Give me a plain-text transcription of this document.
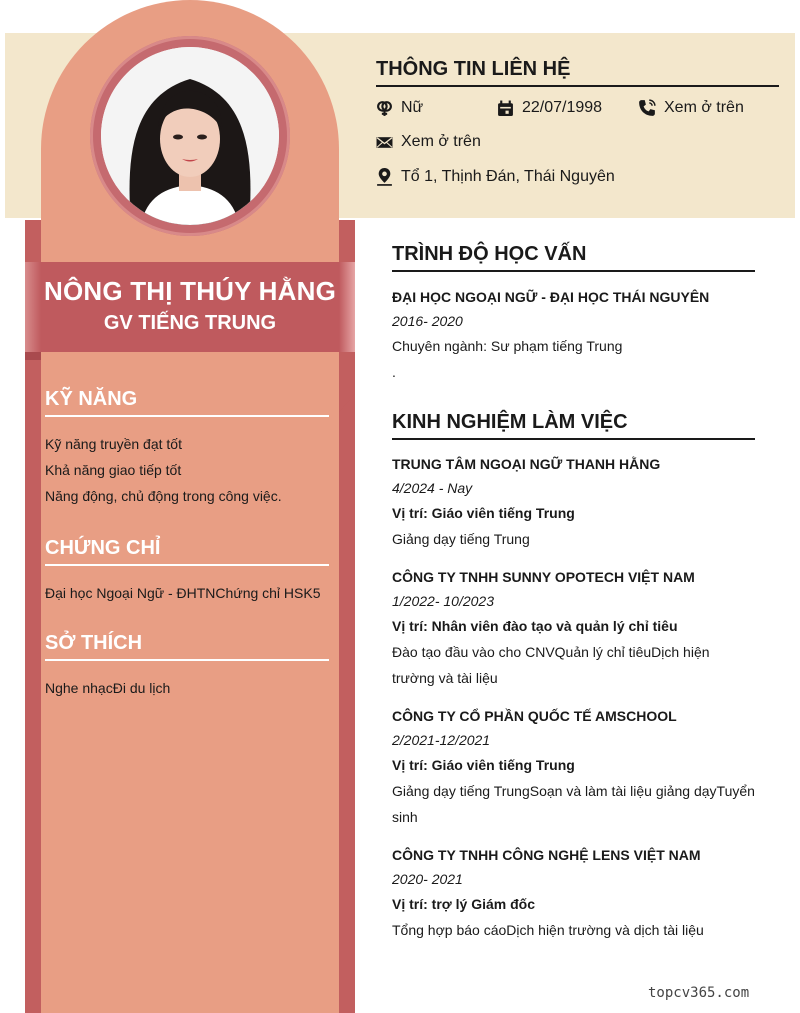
NÔNG THỊ THÚY HẰNG
GV TIẾNG TRUNG
KỸ NĂNG

Kỹ năng truyền đạt tốt

Khả năng giao tiếp tốt

Năng động, chủ động trong công việc.

CHỨNG CHỈ

Đại học Ngoại Ngữ - ĐHTNChứng chỉ HSK5

SỞ THÍCH

Nghe nhạcĐi du lịch

THÔNG TIN LIÊN HỆ
Nữ	22/07/1998	Xem ở trên
Xem ở trên
Tổ 1, Thịnh Đán, Thái Nguyên
TRÌNH ĐỘ HỌC VẤN
ĐẠI HỌC NGOẠI NGỮ - ĐẠI HỌC THÁI NGUYÊN
2016- 2020
Chuyên ngành: Sư phạm tiếng Trung
.
KINH NGHIỆM LÀM VIỆC
TRUNG TÂM NGOẠI NGỮ THANH HẰNG
4/2024 - Nay
Vị trí: Giáo viên tiếng Trung
Giảng dạy tiếng Trung
CÔNG TY TNHH SUNNY OPOTECH VIỆT NAM
1/2022- 10/2023
Vị trí: Nhân viên đào tạo và quản lý chỉ tiêu
Đào tạo đầu vào cho CNVQuản lý chỉ tiêuDịch hiện trường và tài liệu
CÔNG TY CỔ PHẦN QUỐC TẾ AMSCHOOL
2/2021-12/2021
Vị trí: Giáo viên tiếng Trung
Giảng dạy tiếng TrungSoạn và làm tài liệu giảng dạyTuyển sinh
CÔNG TY TNHH CÔNG NGHỆ LENS VIỆT NAM
2020- 2021
Vị trí: trợ lý Giám đốc
Tổng hợp báo cáoDịch hiện trường và dịch tài liệu
topcv365.com
